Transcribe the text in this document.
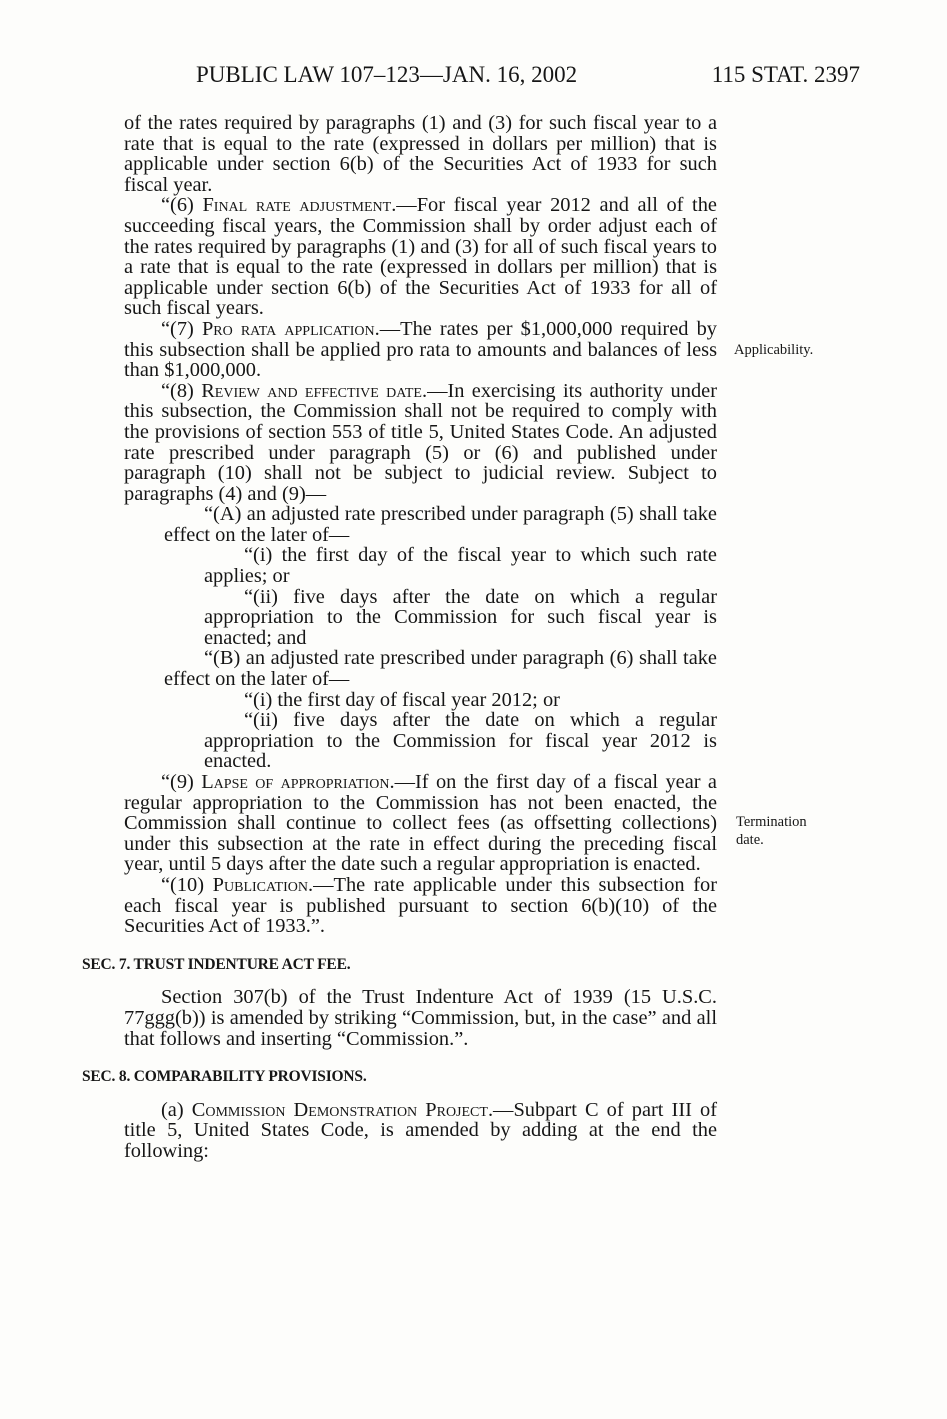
PUBLIC LAW 107–123—JAN. 16, 2002	115 STAT. 2397

of the rates required by paragraphs (1) and (3) for such fiscal year to a rate that is equal to the rate (expressed in dollars per million) that is applicable under section 6(b) of the Securities Act of 1933 for such fiscal year.

“(6) Final rate adjustment.—For fiscal year 2012 and all of the succeeding fiscal years, the Commission shall by order adjust each of the rates required by paragraphs (1) and (3) for all of such fiscal years to a rate that is equal to the rate (expressed in dollars per million) that is applicable under section 6(b) of the Securities Act of 1933 for all of such fiscal years.

“(7) Pro rata application.—The rates per $1,000,000 required by this subsection shall be applied pro rata to amounts and balances of less than $1,000,000.

“(8) Review and effective date.—In exercising its authority under this subsection, the Commission shall not be required to comply with the provisions of section 553 of title 5, United States Code. An adjusted rate prescribed under paragraph (5) or (6) and published under paragraph (10) shall not be subject to judicial review. Subject to paragraphs (4) and (9)—

“(A) an adjusted rate prescribed under paragraph (5) shall take effect on the later of—

“(i) the first day of the fiscal year to which such rate applies; or

“(ii) five days after the date on which a regular appropriation to the Commission for such fiscal year is enacted; and

“(B) an adjusted rate prescribed under paragraph (6) shall take effect on the later of—

“(i) the first day of fiscal year 2012; or

“(ii) five days after the date on which a regular appropriation to the Commission for fiscal year 2012 is enacted.

“(9) Lapse of appropriation.—If on the first day of a fiscal year a regular appropriation to the Commission has not been enacted, the Commission shall continue to collect fees (as offsetting collections) under this subsection at the rate in effect during the preceding fiscal year, until 5 days after the date such a regular appropriation is enacted.

“(10) Publication.—The rate applicable under this subsection for each fiscal year is published pursuant to section 6(b)(10) of the Securities Act of 1933.”.

SEC. 7. TRUST INDENTURE ACT FEE.

Section 307(b) of the Trust Indenture Act of 1939 (15 U.S.C. 77ggg(b)) is amended by striking “Commission, but, in the case” and all that follows and inserting “Commission.”.

SEC. 8. COMPARABILITY PROVISIONS.

(a) Commission Demonstration Project.—Subpart C of part III of title 5, United States Code, is amended by adding at the end the following:

Applicability.
Termination
date.
